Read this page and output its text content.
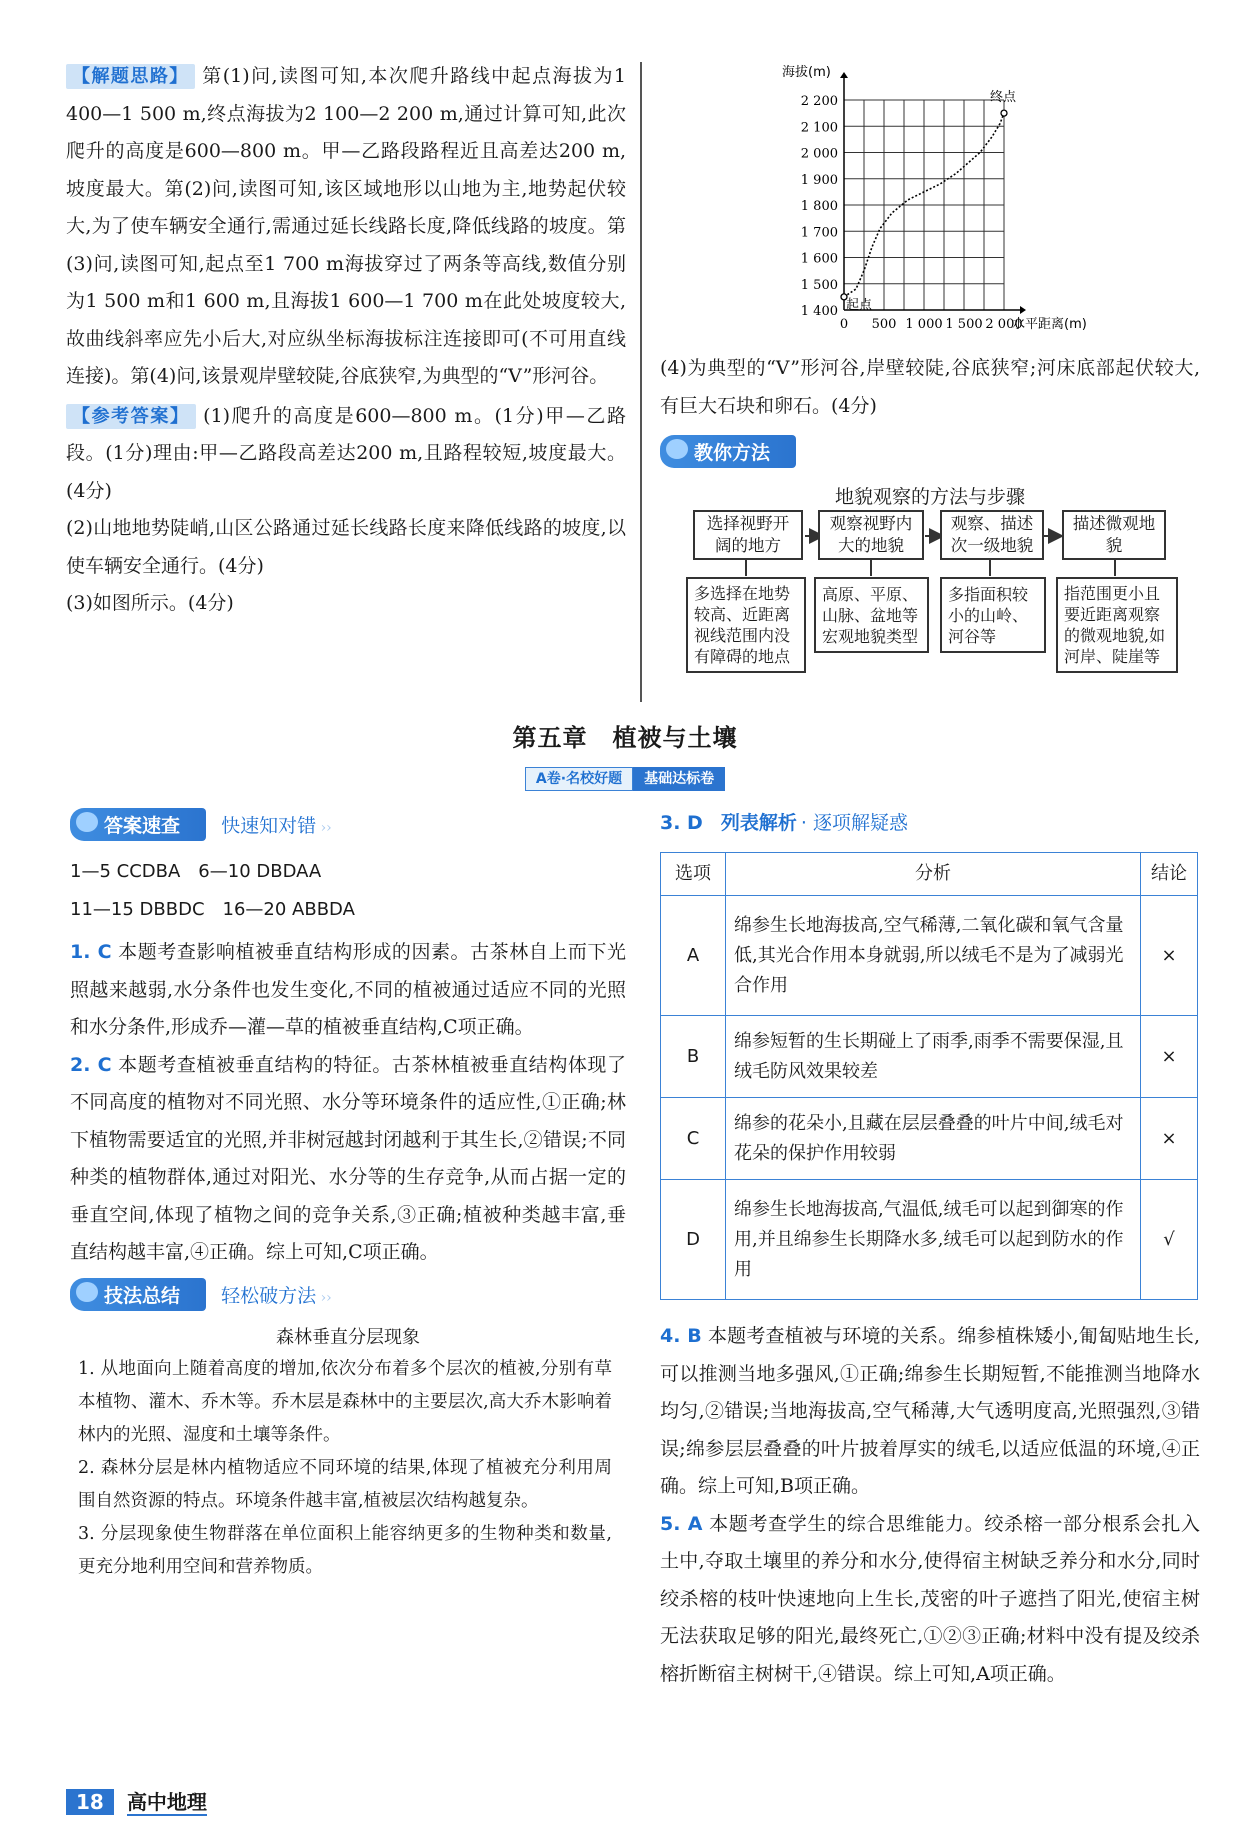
【解题思路】 第(1)问,读图可知,本次爬升路线中起点海拔为1 400—1 500 m,终点海拔为2 100—2 200 m,通过计算可知,此次爬升的高度是600—800 m。甲—乙路段路程近且高差达200 m,坡度最大。第(2)问,读图可知,该区域地形以山地为主,地势起伏较大,为了使车辆安全通行,需通过延长线路长度,降低线路的坡度。第(3)问,读图可知,起点至1 700 m海拔穿过了两条等高线,数值分别为1 500 m和1 600 m,且海拔1 600—1 700 m在此处坡度较大,故曲线斜率应先小后大,对应纵坐标海拔标注连接即可(不可用直线连接)。第(4)问,该景观岸壁较陡,谷底狭窄,为典型的“V”形河谷。

【参考答案】 (1)爬升的高度是600—800 m。(1分)甲—乙路段。(1分)理由:甲—乙路段高差达200 m,且路程较短,坡度最大。(4分)

(2)山地地势陡峭,山区公路通过延长线路长度来降低线路的坡度,以使车辆安全通行。(4分)

(3)如图所示。(4分)

1 400
1 500
1 600
1 700
1 800
1 900
2 000
2 100
2 200
0 500 1 000 1 500 2 000
水平距离(m)
海拔(m)
起点
终点

(4)为典型的“V”形河谷,岸壁较陡,谷底狭窄;河床底部起伏较大,有巨大石块和卵石。(4分)

教你方法
地貌观察的方法与步骤
选择视野开阔的地方
观察视野内大的地貌
观察、描述次一级地貌
描述微观地貌
多选择在地势较高、近距离视线范围内没有障碍的地点
高原、平原、山脉、盆地等宏观地貌类型
多指面积较小的山岭、河谷等
指范围更小且要近距离观察的微观地貌,如河岸、陡崖等
第五章　植被与土壤
A卷·名校好题 基础达标卷
答案速查 快速知对错 ››
1—5 CCDBA　6—10 DBDAA
11—15 DBBDC　16—20 ABBDA

1. C 本题考查影响植被垂直结构形成的因素。古茶林自上而下光照越来越弱,水分条件也发生变化,不同的植被通过适应不同的光照和水分条件,形成乔—灌—草的植被垂直结构,C项正确。

2. C 本题考查植被垂直结构的特征。古茶林植被垂直结构体现了不同高度的植物对不同光照、水分等环境条件的适应性,①正确;林下植物需要适宜的光照,并非树冠越封闭越利于其生长,②错误;不同种类的植物群体,通过对阳光、水分等的生存竞争,从而占据一定的垂直空间,体现了植物之间的竞争关系,③正确;植被种类越丰富,垂直结构越丰富,④正确。综上可知,C项正确。

技法总结 轻松破方法 ››
森林垂直分层现象

1. 从地面向上随着高度的增加,依次分布着多个层次的植被,分别有草本植物、灌木、乔木等。乔木层是森林中的主要层次,高大乔木影响着林内的光照、湿度和土壤等条件。

2. 森林分层是林内植物适应不同环境的结果,体现了植被充分利用周围自然资源的特点。环境条件越丰富,植被层次结构越复杂。

3. 分层现象使生物群落在单位面积上能容纳更多的生物种类和数量,更充分地利用空间和营养物质。

3. D 列表解析 · 逐项解疑惑
选项	分析	结论
A	绵参生长地海拔高,空气稀薄,二氧化碳和氧气含量低,其光合作用本身就弱,所以绒毛不是为了减弱光合作用	×
B	绵参短暂的生长期碰上了雨季,雨季不需要保湿,且绒毛防风效果较差	×
C	绵参的花朵小,且藏在层层叠叠的叶片中间,绒毛对花朵的保护作用较弱	×
D	绵参生长地海拔高,气温低,绒毛可以起到御寒的作用,并且绵参生长期降水多,绒毛可以起到防水的作用	√

4. B 本题考查植被与环境的关系。绵参植株矮小,匍匐贴地生长,可以推测当地多强风,①正确;绵参生长期短暂,不能推测当地降水均匀,②错误;当地海拔高,空气稀薄,大气透明度高,光照强烈,③错误;绵参层层叠叠的叶片披着厚实的绒毛,以适应低温的环境,④正确。综上可知,B项正确。

5. A 本题考查学生的综合思维能力。绞杀榕一部分根系会扎入土中,夺取土壤里的养分和水分,使得宿主树缺乏养分和水分,同时绞杀榕的枝叶快速地向上生长,茂密的叶子遮挡了阳光,使宿主树无法获取足够的阳光,最终死亡,①②③正确;材料中没有提及绞杀榕折断宿主树树干,④错误。综上可知,A项正确。

18 高中地理
